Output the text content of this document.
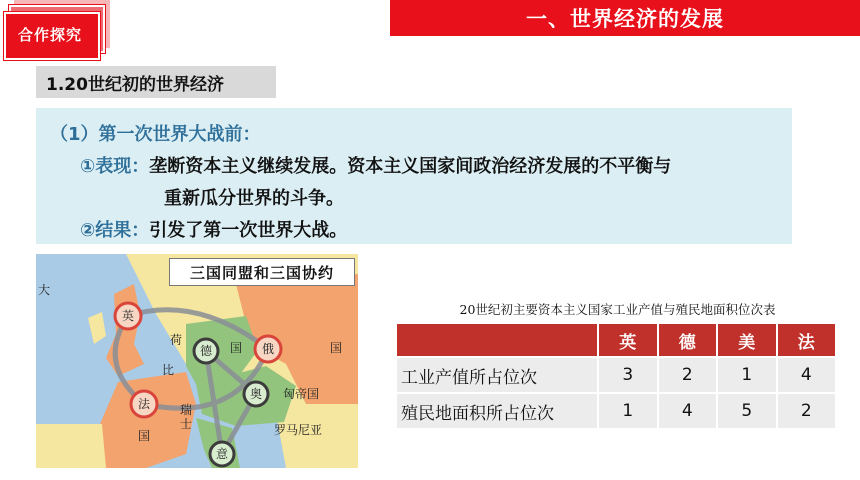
合作探究
一、世界经济的发展
1.20世纪初的世界经济
（1）第一次世界大战前：
①表现：垄断资本主义继续发展。资本主义国家间政治经济发展的不平衡与
重新瓜分世界的斗争。
②结果：引发了第一次世界大战。
大
英
法
国
俄	国
德 国
奥 匈帝国
意
罗马尼亚
荷
比
瑞
士
三国同盟和三国协约
20世纪初主要资本主义国家工业产值与殖民地面积位次表
	英	德	美	法
工业产值所占位次	3	2	1	4
殖民地面积所占位次	1	4	5	2
